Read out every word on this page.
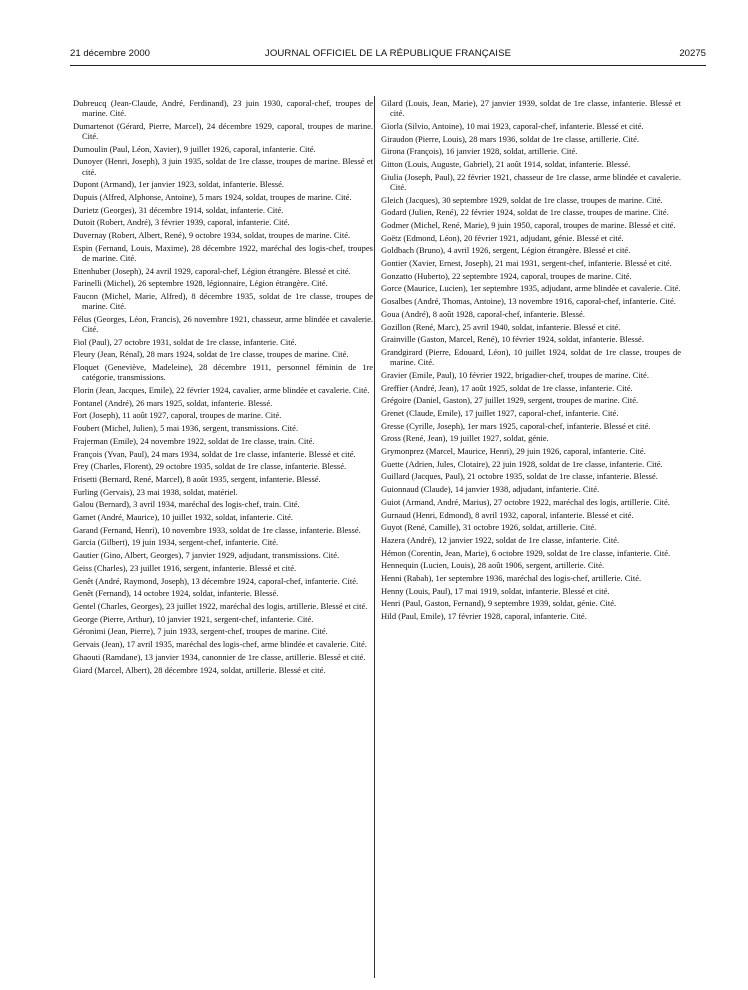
21 décembre 2000	JOURNAL OFFICIEL DE LA RÉPUBLIQUE FRANÇAISE	20275

Dubreucq (Jean-Claude, André, Ferdinand), 23 juin 1930, caporal-chef, troupes de marine. Cité.

Dumartenot (Gérard, Pierre, Marcel), 24 décembre 1929, caporal, troupes de marine. Cité.

Dumoulin (Paul, Léon, Xavier), 9 juillet 1926, caporal, infanterie. Cité.

Dunoyer (Henri, Joseph), 3 juin 1935, soldat de 1re classe, troupes de marine. Blessé et cité.

Dupont (Armand), 1er janvier 1923, soldat, infanterie. Blessé.

Dupuis (Alfred, Alphonse, Antoine), 5 mars 1924, soldat, troupes de marine. Cité.

Durietz (Georges), 31 décembre 1914, soldat, infanterie. Cité.

Dutoit (Robert, André), 3 février 1939, caporal, infanterie. Cité.

Duvernay (Robert, Albert, René), 9 octobre 1934, soldat, troupes de marine. Cité.

Espin (Fernand, Louis, Maxime), 28 décembre 1922, maréchal des logis-chef, troupes de marine. Cité.

Ettenhuber (Joseph), 24 avril 1929, caporal-chef, Légion étrangère. Blessé et cité.

Farinelli (Michel), 26 septembre 1928, légionnaire, Légion étrangère. Cité.

Faucon (Michel, Marie, Alfred), 8 décembre 1935, soldat de 1re classe, troupes de marine. Cité.

Félus (Georges, Léon, Francis), 26 novembre 1921, chasseur, arme blindée et cavalerie. Cité.

Fiol (Paul), 27 octobre 1931, soldat de 1re classe, infanterie. Cité.

Fleury (Jean, Rénal), 28 mars 1924, soldat de 1re classe, troupes de marine. Cité.

Floquet (Geneviève, Madeleine), 28 décembre 1911, personnel féminin de 1re catégorie, transmissions.

Florin (Jean, Jacques, Emile), 22 février 1924, cavalier, arme blindée et cavalerie. Cité.

Fontanel (André), 26 mars 1925, soldat, infanterie. Blessé.

Fort (Joseph), 11 août 1927, caporal, troupes de marine. Cité.

Foubert (Michel, Julien), 5 mai 1936, sergent, transmissions. Cité.

Frajerman (Emile), 24 novembre 1922, soldat de 1re classe, train. Cité.

François (Yvan, Paul), 24 mars 1934, soldat de 1re classe, infanterie. Blessé et cité.

Frey (Charles, Florent), 29 octobre 1935, soldat de 1re classe, infanterie. Blessé.

Frisetti (Bernard, René, Marcel), 8 août 1935, sergent, infanterie. Blessé.

Furling (Gervais), 23 mai 1938, soldat, matériel.

Galou (Bernard), 3 avril 1934, maréchal des logis-chef, train. Cité.

Gamet (André, Maurice), 10 juillet 1932, soldat, infanterie. Cité.

Garand (Fernand, Henri), 10 novembre 1933, soldat de 1re classe, infanterie. Blessé.

Garcia (Gilbert), 19 juin 1934, sergent-chef, infanterie. Cité.

Gautier (Gino, Albert, Georges), 7 janvier 1929, adjudant, transmissions. Cité.

Geiss (Charles), 23 juillet 1916, sergent, infanterie. Blessé et cité.

Genêt (André, Raymond, Joseph), 13 décembre 1924, caporal-chef, infanterie. Cité.

Genêt (Fernand), 14 octobre 1924, soldat, infanterie. Blessé.

Gentel (Charles, Georges), 23 juillet 1922, maréchal des logis, artillerie. Blessé et cité.

George (Pierre, Arthur), 10 janvier 1921, sergent-chef, infanterie. Cité.

Géronimi (Jean, Pierre), 7 juin 1933, sergent-chef, troupes de marine. Cité.

Gervais (Jean), 17 avril 1935, maréchal des logis-chef, arme blindée et cavalerie. Cité.

Ghaouti (Ramdane), 13 janvier 1934, canonnier de 1re classe, artillerie. Blessé et cité.

Giard (Marcel, Albert), 28 décembre 1924, soldat, artillerie. Blessé et cité.

Gilard (Louis, Jean, Marie), 27 janvier 1939, soldat de 1re classe, infanterie. Blessé et cité.

Giorla (Silvio, Antoine), 10 mai 1923, caporal-chef, infanterie. Blessé et cité.

Giraudon (Pierre, Louis), 28 mars 1936, soldat de 1re classe, artillerie. Cité.

Girona (François), 16 janvier 1928, soldat, artillerie. Cité.

Gitton (Louis, Auguste, Gabriel), 21 août 1914, soldat, infanterie. Blessé.

Giulia (Joseph, Paul), 22 février 1921, chasseur de 1re classe, arme blindée et cavalerie. Cité.

Gleich (Jacques), 30 septembre 1929, soldat de 1re classe, troupes de marine. Cité.

Godard (Julien, René), 22 février 1924, soldat de 1re classe, troupes de marine. Cité.

Godmer (Michel, René, Marie), 9 juin 1950, caporal, troupes de marine. Blessé et cité.

Goëtz (Edmond, Léon), 20 février 1921, adjudant, génie. Blessé et cité.

Goldbach (Bruno), 4 avril 1926, sergent, Légion étrangère. Blessé et cité.

Gontier (Xavier, Ernest, Joseph), 21 mai 1931, sergent-chef, infanterie. Blessé et cité.

Gonzatto (Huberto), 22 septembre 1924, caporal, troupes de marine. Cité.

Gorce (Maurice, Lucien), 1er septembre 1935, adjudant, arme blindée et cavalerie. Cité.

Gosalbes (André, Thomas, Antoine), 13 novembre 1916, caporal-chef, infanterie. Cité.

Goua (André), 8 août 1928, caporal-chef, infanterie. Blessé.

Gozillon (René, Marc), 25 avril 1940, soldat, infanterie. Blessé et cité.

Grainville (Gaston, Marcel, René), 10 février 1924, soldat, infanterie. Blessé.

Grandgirard (Pierre, Edouard, Léon), 10 juillet 1924, soldat de 1re classe, troupes de marine. Cité.

Gravier (Emile, Paul), 10 février 1922, brigadier-chef, troupes de marine. Cité.

Greffier (André, Jean), 17 août 1925, soldat de 1re classe, infanterie. Cité.

Grégoire (Daniel, Gaston), 27 juillet 1929, sergent, troupes de marine. Cité.

Grenet (Claude, Emile), 17 juillet 1927, caporal-chef, infanterie. Cité.

Gresse (Cyrille, Joseph), 1er mars 1925, caporal-chef, infanterie. Blessé et cité.

Gross (René, Jean), 19 juillet 1927, soldat, génie.

Grymonprez (Marcel, Maurice, Henri), 29 juin 1926, caporal, infanterie. Cité.

Guette (Adrien, Jules, Clotaire), 22 juin 1928, soldat de 1re classe, infanterie. Cité.

Guillard (Jacques, Paul), 21 octobre 1935, soldat de 1re classe, infanterie. Blessé.

Guionnaud (Claude), 14 janvier 1938, adjudant, infanterie. Cité.

Guiot (Armand, André, Marius), 27 octobre 1922, maréchal des logis, artillerie. Cité.

Gurnaud (Henri, Edmond), 8 avril 1932, caporal, infanterie. Blessé et cité.

Guyot (René, Camille), 31 octobre 1926, soldat, artillerie. Cité.

Hazera (André), 12 janvier 1922, soldat de 1re classe, infanterie. Cité.

Hémon (Corentin, Jean, Marie), 6 octobre 1929, soldat de 1re classe, infanterie. Cité.

Hennequin (Lucien, Louis), 28 août 1906, sergent, artillerie. Cité.

Henni (Rabah), 1er septembre 1936, maréchal des logis-chef, artillerie. Cité.

Henny (Louis, Paul), 17 mai 1919, soldat, infanterie. Blessé et cité.

Henri (Paul, Gaston, Fernand), 9 septembre 1939, soldat, génie. Cité.

Hild (Paul, Emile), 17 février 1928, caporal, infanterie. Cité.
